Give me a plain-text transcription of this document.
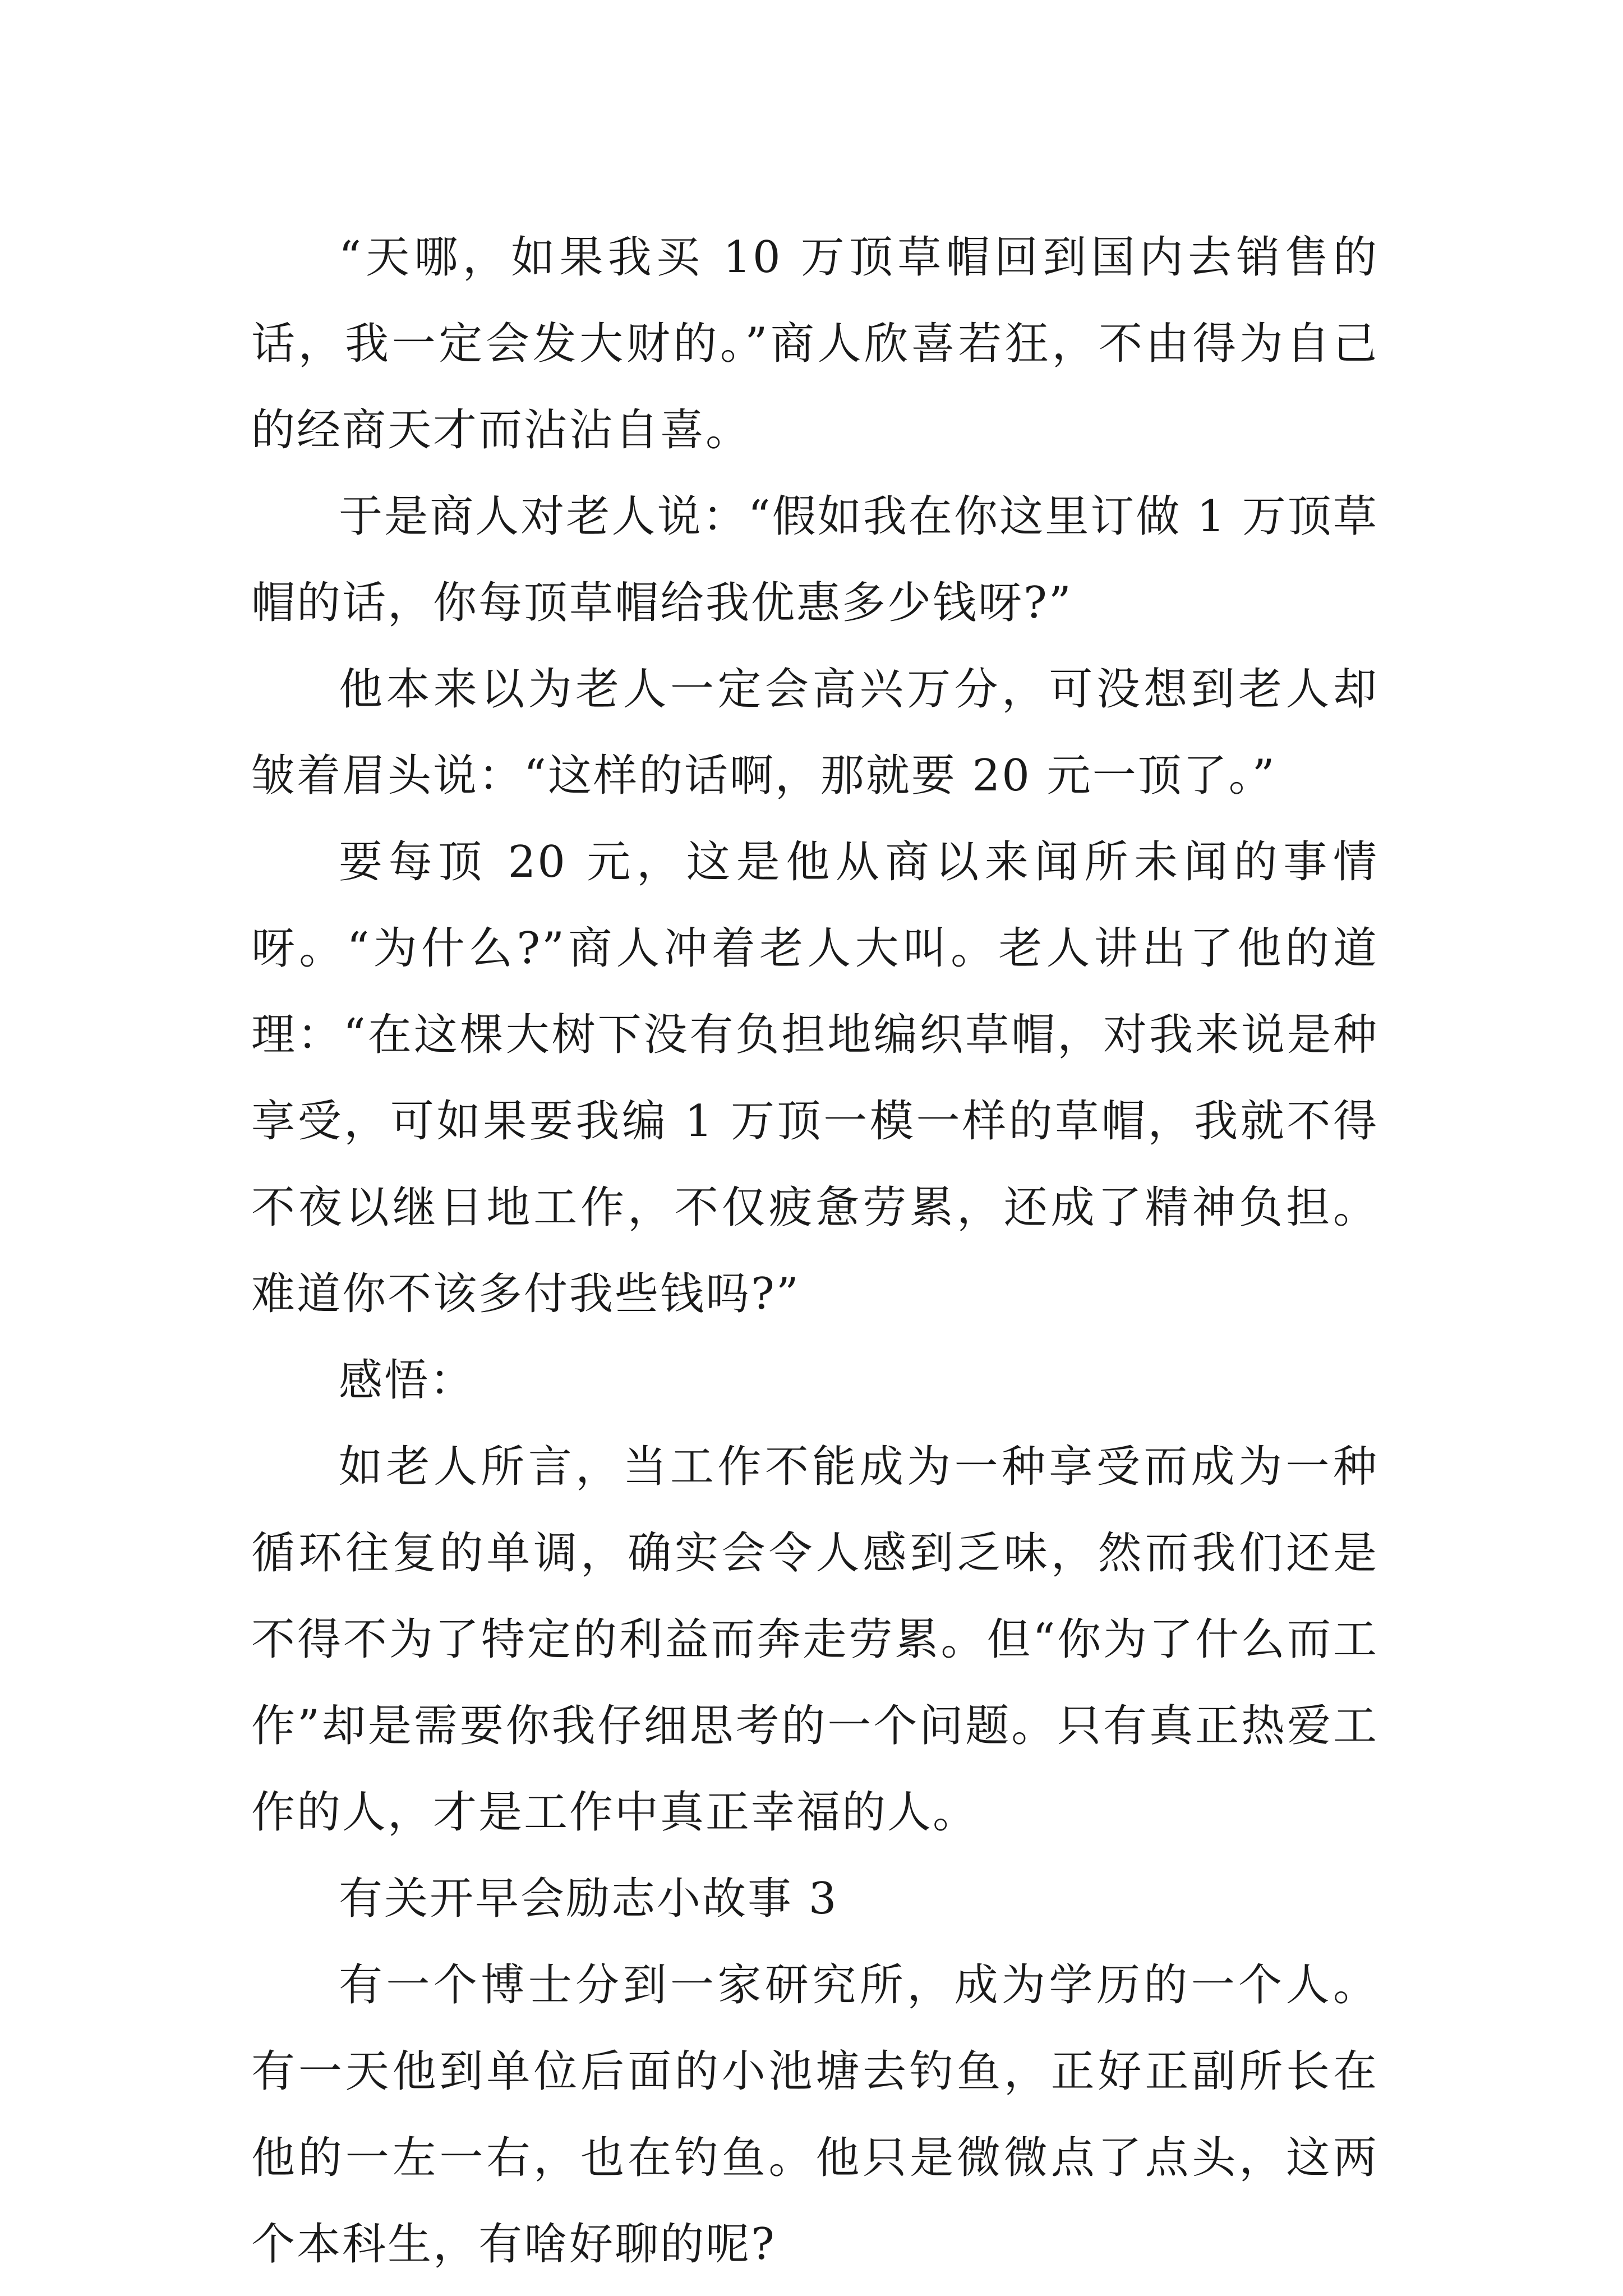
“天哪，如果我买 10 万顶草帽回到国内去销售的话，我一定会发大财的。”商人欣喜若狂，不由得为自己的经商天才而沾沾自喜。

于是商人对老人说：“假如我在你这里订做 1 万顶草帽的话，你每顶草帽给我优惠多少钱呀?”

他本来以为老人一定会高兴万分，可没想到老人却皱着眉头说：“这样的话啊，那就要 20 元一顶了。”

要每顶 20 元，这是他从商以来闻所未闻的事情呀。“为什么?”商人冲着老人大叫。老人讲出了他的道理：“在这棵大树下没有负担地编织草帽，对我来说是种享受，可如果要我编 1 万顶一模一样的草帽，我就不得不夜以继日地工作，不仅疲惫劳累，还成了精神负担。难道你不该多付我些钱吗?”

感悟：

如老人所言，当工作不能成为一种享受而成为一种循环往复的单调，确实会令人感到乏味，然而我们还是不得不为了特定的利益而奔走劳累。但“你为了什么而工作”却是需要你我仔细思考的一个问题。只有真正热爱工作的人，才是工作中真正幸福的人。

有关开早会励志小故事 3

有一个博士分到一家研究所，成为学历的一个人。有一天他到单位后面的小池塘去钓鱼，正好正副所长在他的一左一右，也在钓鱼。他只是微微点了点头，这两个本科生，有啥好聊的呢?
